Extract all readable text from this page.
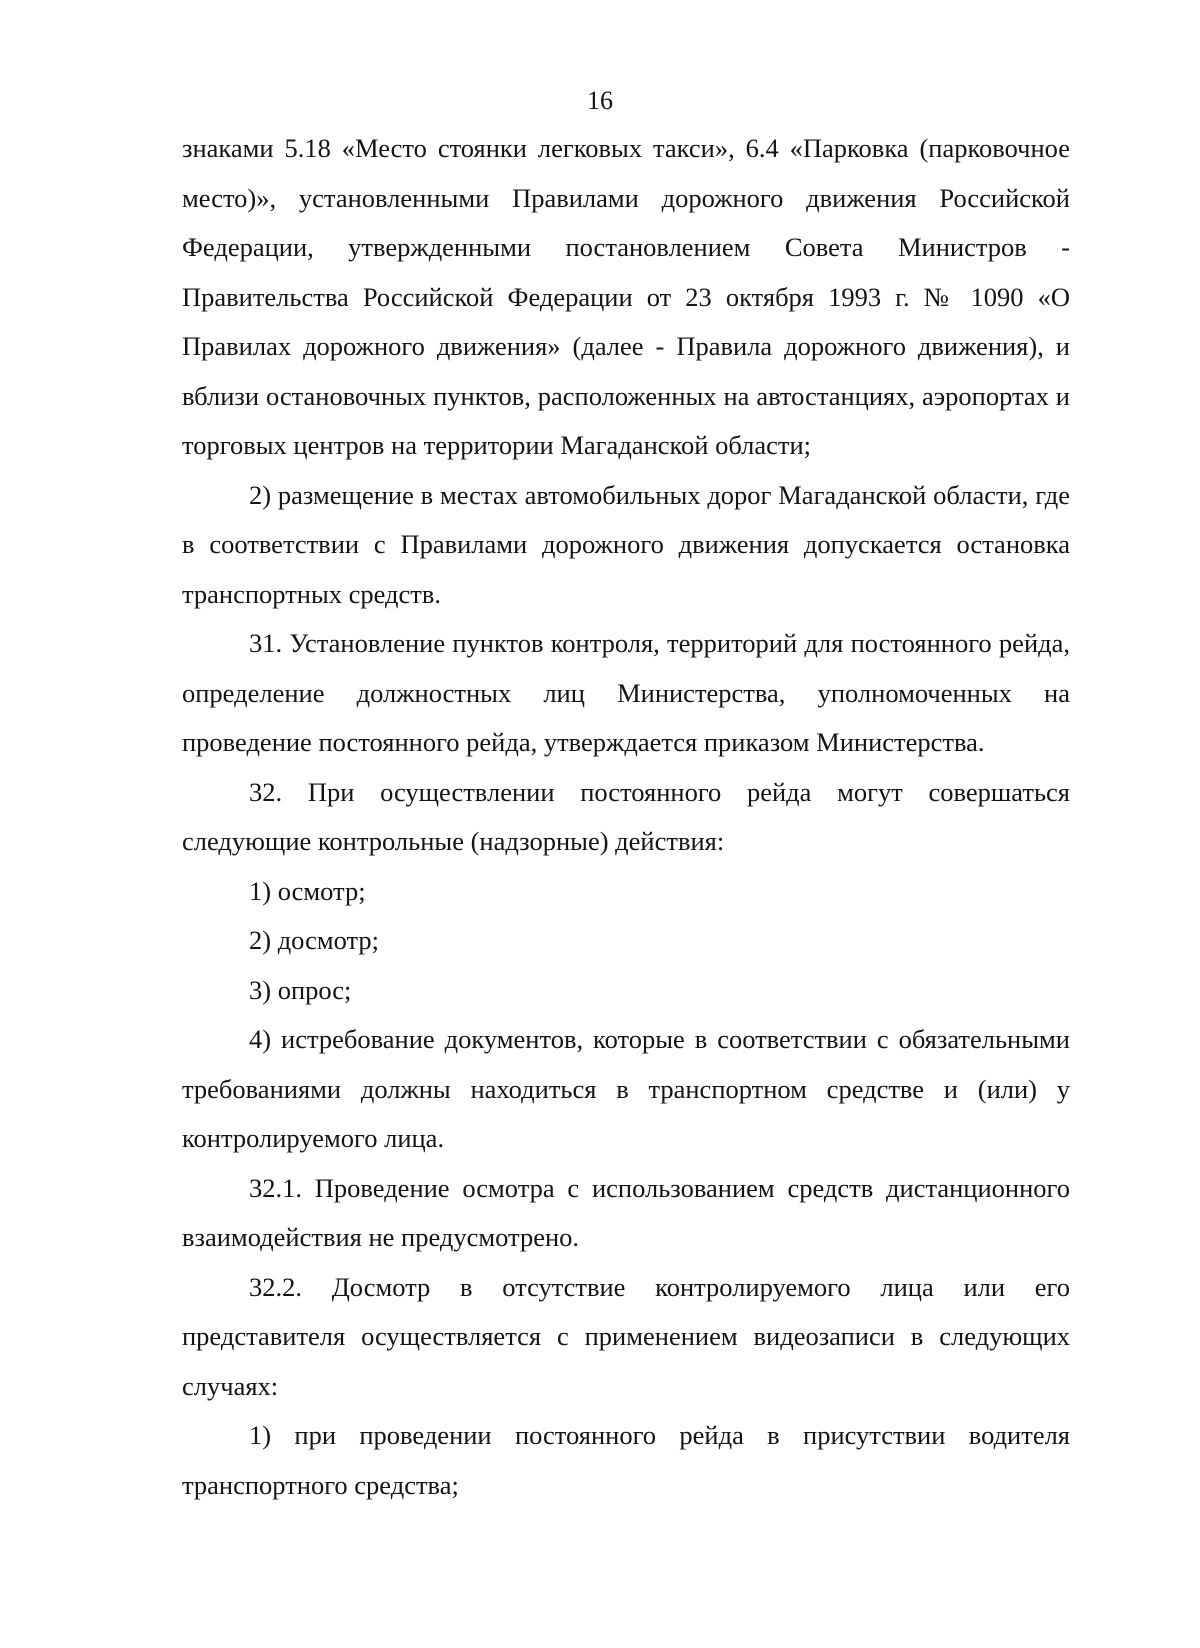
16

знаками 5.18 «Место стоянки легковых такси», 6.4 «Парковка (парковочное место)», установленными Правилами дорожного движения Российской Федерации, утвержденными постановлением Совета Министров - Правительства Российской Федерации от 23 октября 1993 г. № 1090 «О Правилах дорожного движения» (далее - Правила дорожного движения), и вблизи остановочных пунктов, расположенных на автостанциях, аэропортах и торговых центров на территории Магаданской области;

2) размещение в местах автомобильных дорог Магаданской области, где в соответствии с Правилами дорожного движения допускается остановка транспортных средств.

31. Установление пунктов контроля, территорий для постоянного рейда, определение должностных лиц Министерства, уполномоченных на проведение постоянного рейда, утверждается приказом Министерства.

32. При осуществлении постоянного рейда могут совершаться следующие контрольные (надзорные) действия:

1) осмотр;

2) досмотр;

3) опрос;

4) истребование документов, которые в соответствии с обязательными требованиями должны находиться в транспортном средстве и (или) у контролируемого лица.

32.1. Проведение осмотра с использованием средств дистанционного взаимодействия не предусмотрено.

32.2. Досмотр в отсутствие контролируемого лица или его представителя осуществляется с применением видеозаписи в следующих случаях:

1) при проведении постоянного рейда в присутствии водителя транспортного средства;
